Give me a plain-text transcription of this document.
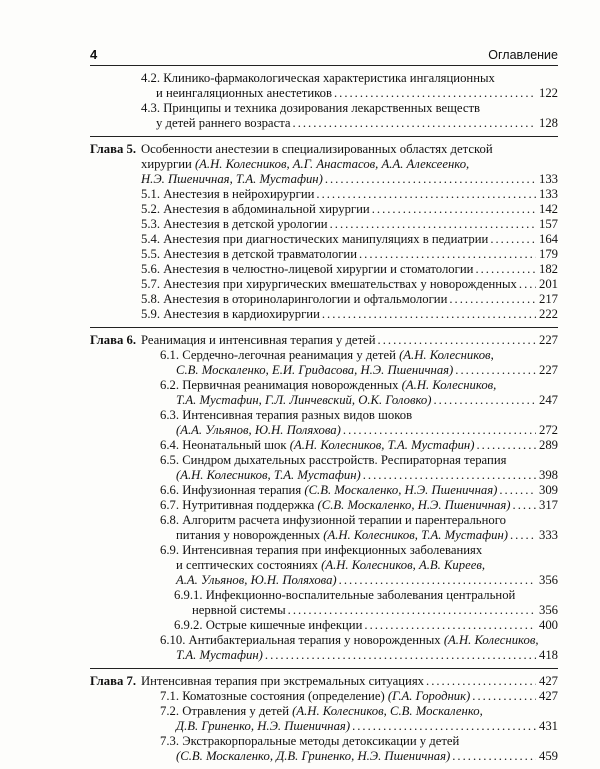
4	Оглавление
4.2. Клинико-фармакологическая характеристика ингаляционных
и неингаляционных анестетиков .....	122
4.3. Принципы и техника дозирования лекарственных веществ
у детей раннего возраста .....	128
Глава 5. Особенности анестезии в специализированных областях детской
хирургии (А.Н. Колесников, А.Г. Анастасов, А.А. Алексеенко,
Н.Э. Пшеничная, Т.А. Мустафин) .....	133
5.1. Анестезия в нейрохирургии .....	133
5.2. Анестезия в абдоминальной хирургии .....	142
5.3. Анестезия в детской урологии .....	157
5.4. Анестезия при диагностических манипуляциях в педиатрии .....	164
5.5. Анестезия в детской травматологии .....	179
5.6. Анестезия в челюстно-лицевой хирургии и стоматологии .....	182
5.7. Анестезия при хирургических вмешательствах у новорожденных ..... 201
5.8. Анестезия в оториноларингологии и офтальмологии .....	217
5.9. Анестезия в кардиохирургии .....	222
Глава 6. Реанимация и интенсивная терапия у детей .....	227
6.1. Сердечно-легочная реанимация у детей (А.Н. Колесников,
С.В. Москаленко, Е.И. Гридасова, Н.Э. Пшеничная) .....	227
6.2. Первичная реанимация новорожденных (А.Н. Колесников,
Т.А. Мустафин, Г.Л. Линчевский, О.К. Головко) .....	247
6.3. Интенсивная терапия разных видов шоков
(А.А. Ульянов, Ю.Н. Поляхова) .....	272
6.4. Неонатальный шок (А.Н. Колесников, Т.А. Мустафин) .....	289
6.5. Синдром дыхательных расстройств. Респираторная терапия
(А.Н. Колесников, Т.А. Мустафин) .....	398
6.6. Инфузионная терапия (С.В. Москаленко, Н.Э. Пшеничная) .....	309
6.7. Нутритивная поддержка (С.В. Москаленко, Н.Э. Пшеничная) ..... 317
6.8. Алгоритм расчета инфузионной терапии и парентерального
питания у новорожденных (А.Н. Колесников, Т.А. Мустафин) ..... 333
6.9. Интенсивная терапия при инфекционных заболеваниях
и септических состояниях (А.Н. Колесников, А.В. Киреев,
А.А. Ульянов, Ю.Н. Поляхова) .....	356
6.9.1. Инфекционно-воспалительные заболевания центральной
нервной системы .....	356
6.9.2. Острые кишечные инфекции .....	400
6.10. Антибактериальная терапия у новорожденных (А.Н. Колесников,
Т.А. Мустафин) .....	418
Глава 7. Интенсивная терапия при экстремальных ситуациях .....	427
7.1. Коматозные состояния (определение) (Г.А. Городник) .....	427
7.2. Отравления у детей (А.Н. Колесников, С.В. Москаленко,
Д.В. Гриненко, Н.Э. Пшеничная) .....	431
7.3. Экстракорпоральные методы детоксикации у детей
(С.В. Москаленко, Д.В. Гриненко, Н.Э. Пшеничная) .....	459
